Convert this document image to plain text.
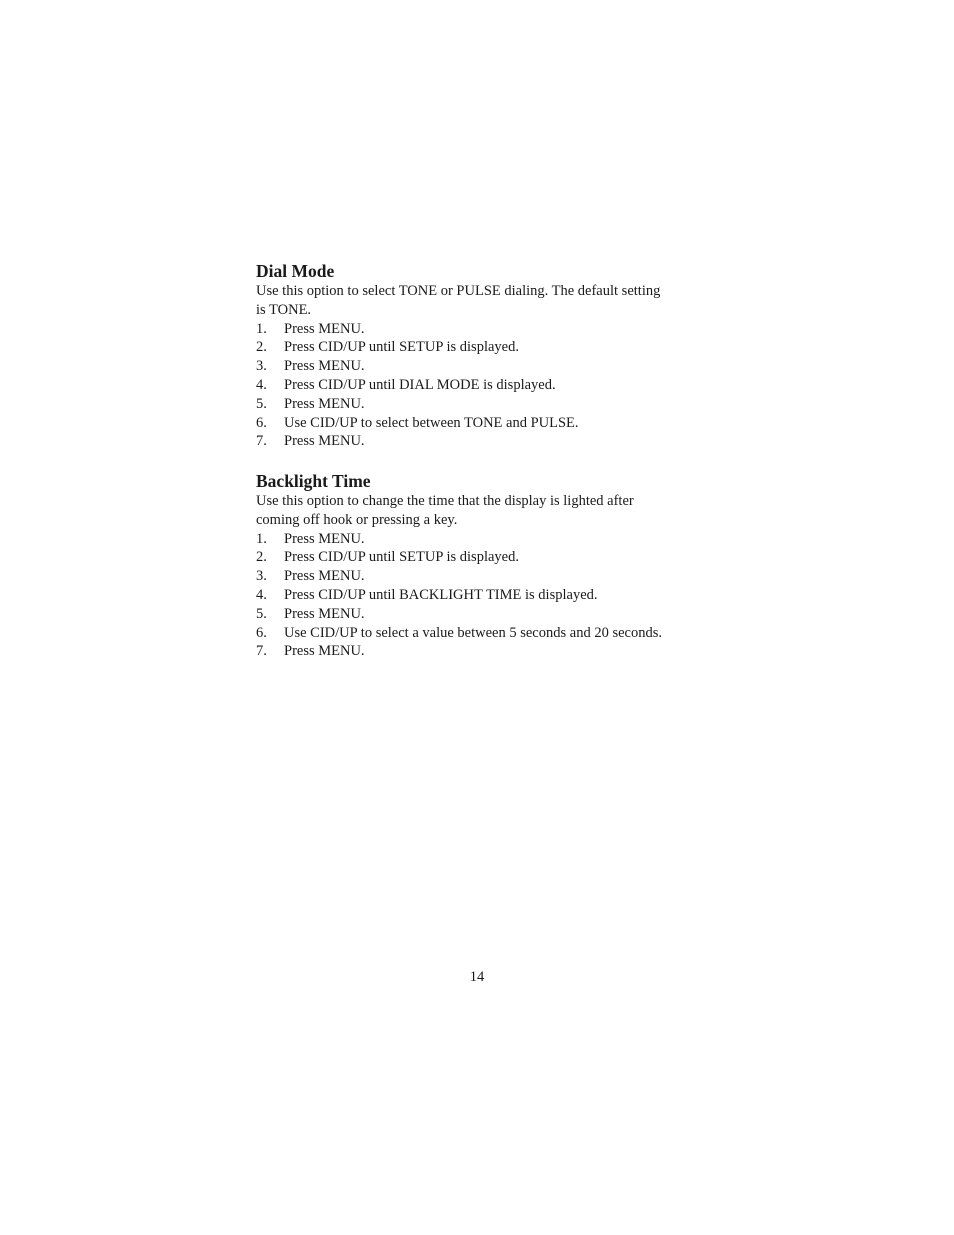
Dial Mode

Use this option to select TONE or PULSE dialing. The default setting

is TONE.

1.	Press MENU.
2.	Press CID/UP until SETUP is displayed.
3.	Press MENU.
4.	Press CID/UP until DIAL MODE is displayed.
5.	Press MENU.
6.	Use CID/UP to select between TONE and PULSE.
7.	Press MENU.
Backlight Time

Use this option to change the time that the display is lighted after

coming off hook or pressing a key.

1.	Press MENU.
2.	Press CID/UP until SETUP is displayed.
3.	Press MENU.
4.	Press CID/UP until BACKLIGHT TIME is displayed.
5.	Press MENU.
6.	Use CID/UP to select a value between 5 seconds and 20 seconds.
7.	Press MENU.
14
